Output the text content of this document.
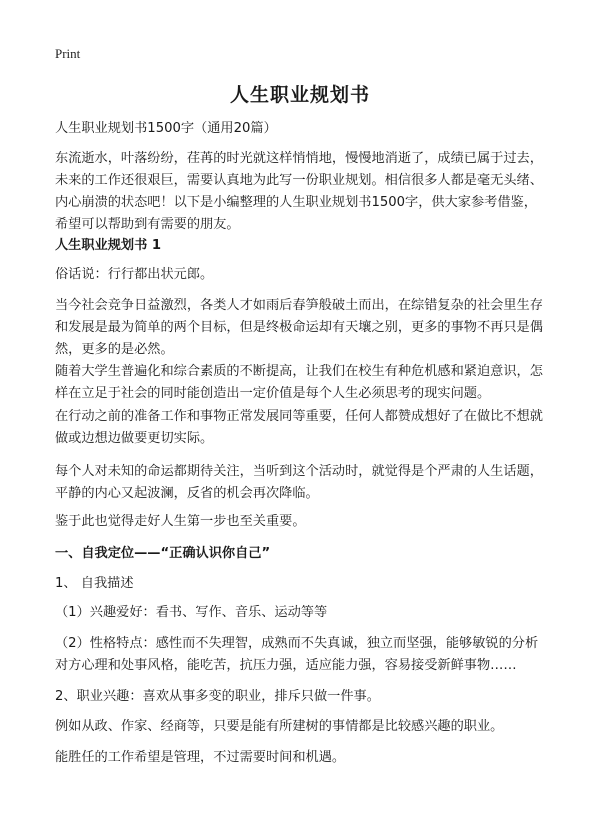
Print
人生职业规划书
人生职业规划书1500字（通用20篇）
东流逝水，叶落纷纷，荏苒的时光就这样悄悄地，慢慢地消逝了，成绩已属于过去，未来的工作还很艰巨，需要认真地为此写一份职业规划。相信很多人都是毫无头绪、内心崩溃的状态吧！以下是小编整理的人生职业规划书1500字，供大家参考借鉴，希望可以帮助到有需要的朋友。
人生职业规划书 1
俗话说：行行都出状元郎。
当今社会竞争日益激烈，各类人才如雨后春笋般破土而出，在综错复杂的社会里生存和发展是最为简单的两个目标，但是终极命运却有天壤之别，更多的事物不再只是偶然，更多的是必然。
随着大学生普遍化和综合素质的不断提高，让我们在校生有种危机感和紧迫意识，怎样在立足于社会的同时能创造出一定价值是每个人生必须思考的现实问题。
在行动之前的准备工作和事物正常发展同等重要，任何人都赞成想好了在做比不想就做或边想边做要更切实际。
每个人对未知的命运都期待关注，当听到这个活动时，就觉得是个严肃的人生话题，平静的内心又起波澜，反省的机会再次降临。
鉴于此也觉得走好人生第一步也至关重要。
一、自我定位——“正确认识你自己”
1、 自我描述
（1）兴趣爱好：看书、写作、音乐、运动等等
（2）性格特点：感性而不失理智，成熟而不失真诚，独立而坚强，能够敏锐的分析对方心理和处事风格，能吃苦，抗压力强，适应能力强，容易接受新鲜事物……
2、职业兴趣：喜欢从事多变的职业，排斥只做一件事。
例如从政、作家、经商等，只要是能有所建树的事情都是比较感兴趣的职业。
能胜任的工作希望是管理，不过需要时间和机遇。
